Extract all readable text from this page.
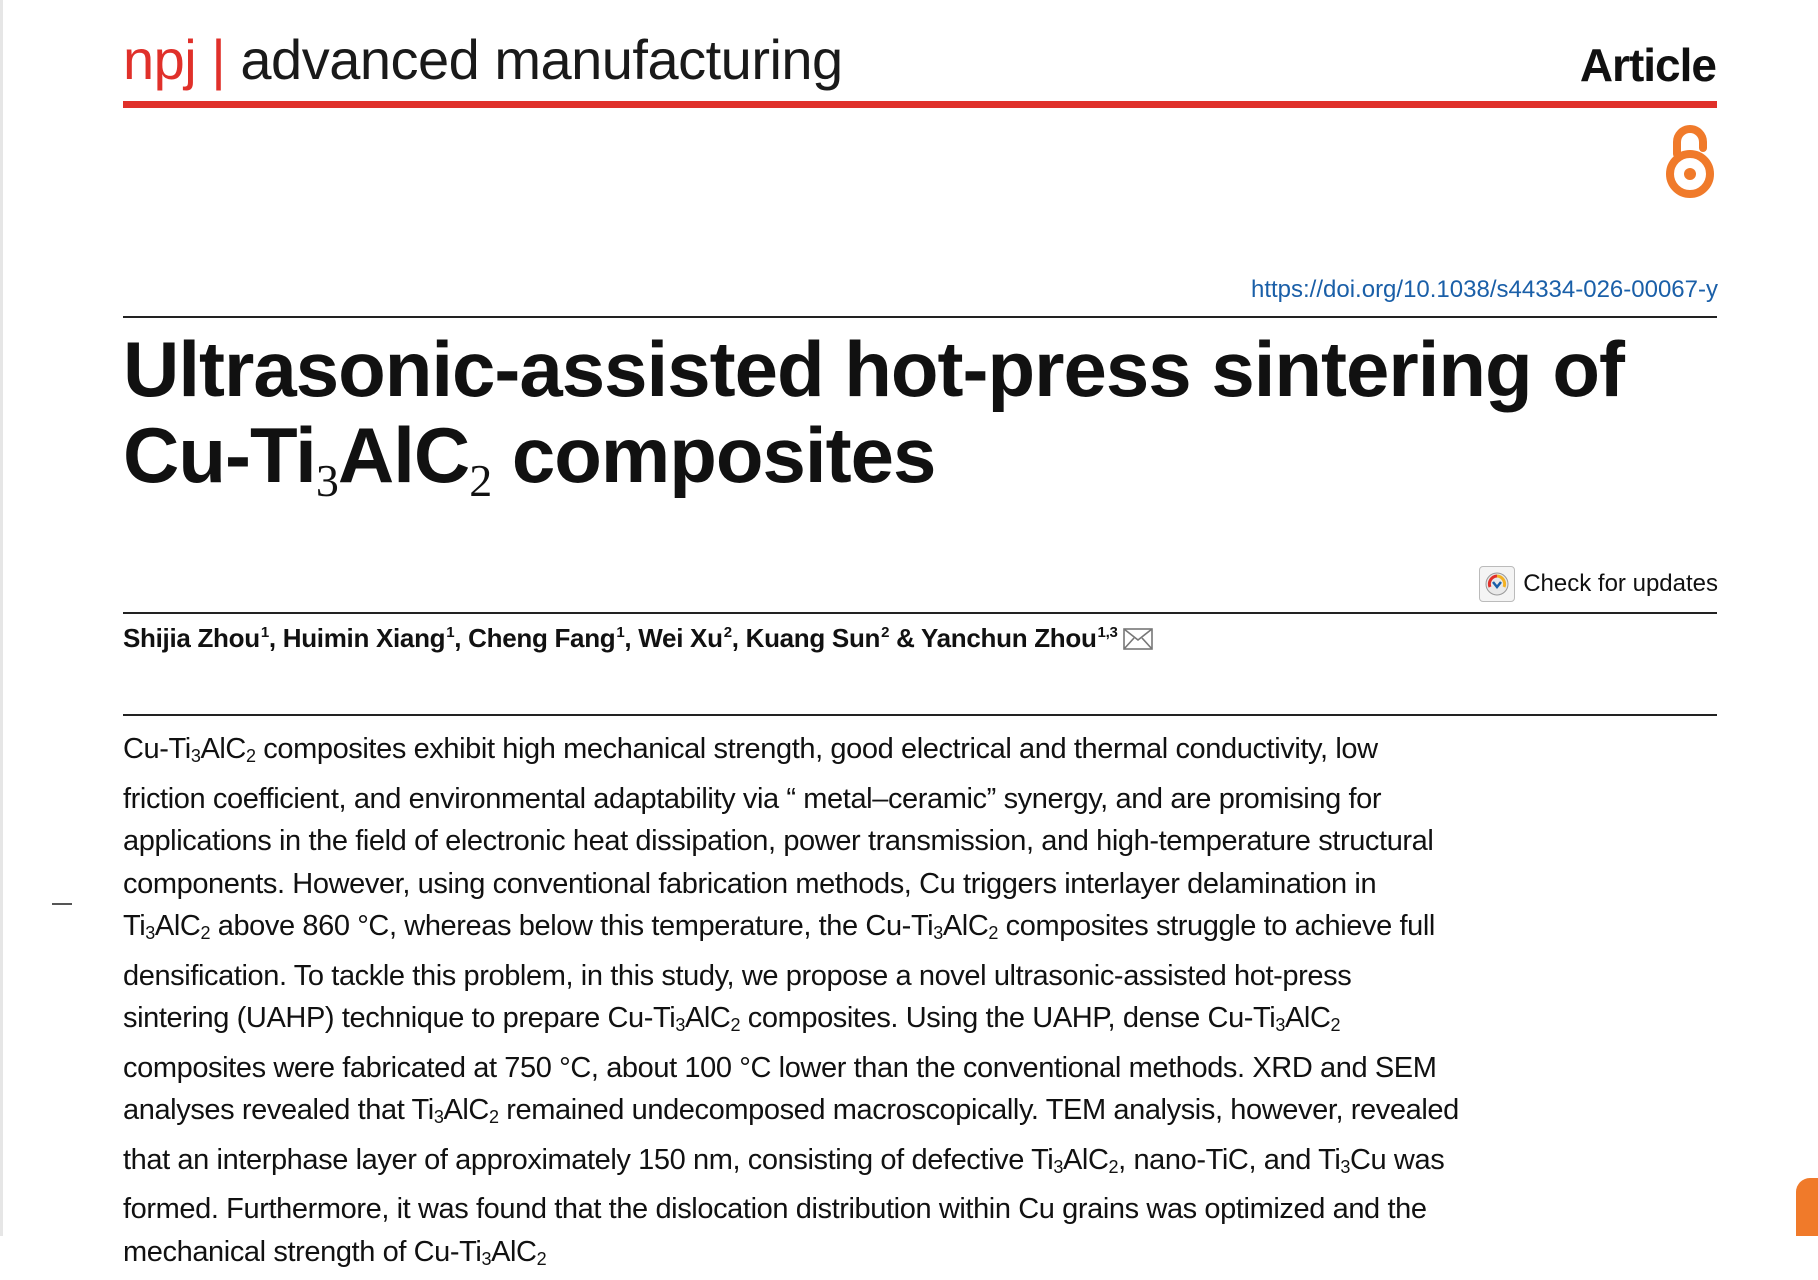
npj | advanced manufacturing	Article
https://doi.org/10.1038/s44334-026-00067-y
Ultrasonic-assisted hot-press sintering of
$Cu-Ti_3AlC_2$ composites
Check for updates
Shijia Zhou$^1$, Huimin Xiang$^1$, Cheng Fang$^1$, Wei Xu$^2$, Kuang Sun$^2$ & Yanchun Zhou$^{1,3}$

Cu-Ti3AlC2 composites exhibit high mechanical strength, good electrical and thermal conductivity, low friction coefficient, and environmental adaptability via “ metal–ceramic” synergy, and are promising for applications in the field of electronic heat dissipation, power transmission, and high-temperature structural components. However, using conventional fabrication methods, Cu triggers interlayer delamination in Ti3AlC2 above 860 °C, whereas below this temperature, the Cu-Ti3AlC2 composites struggle to achieve full densification. To tackle this problem, in this study, we propose a novel ultrasonic-assisted hot-press sintering (UAHP) technique to prepare Cu-Ti3AlC2 composites. Using the UAHP, dense Cu-Ti3AlC2 composites were fabricated at 750 °C, about 100 °C lower than the conventional methods. XRD and SEM analyses revealed that Ti3AlC2 remained undecomposed macroscopically. TEM analysis, however, revealed that an interphase layer of approximately 150 nm, consisting of defective Ti3AlC2, nano-TiC, and Ti3Cu was formed. Furthermore, it was found that the dislocation distribution within Cu grains was optimized and the mechanical strength of Cu-Ti3AlC2
